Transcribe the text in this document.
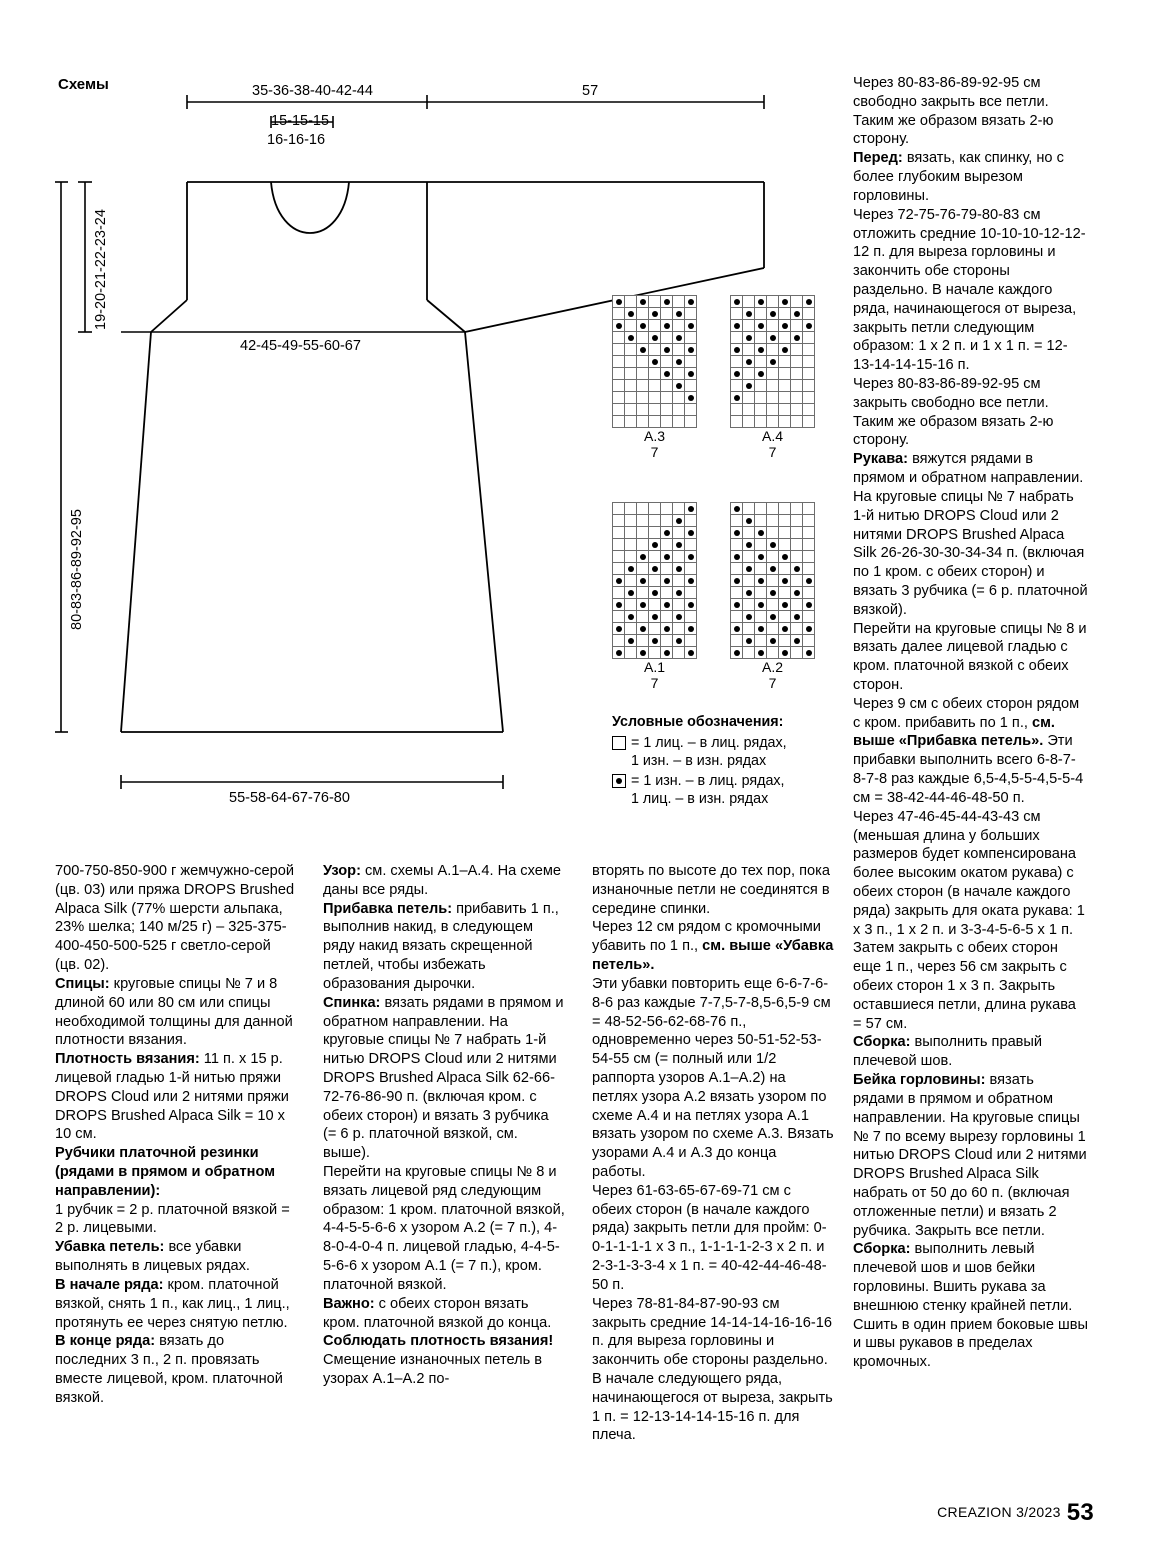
Схемы	35-36-38-40-42-44	57
15-15-15
16-16-16
19-20-21-22-23-24
80-83-86-89-92-95
42-45-49-55-60-67
55-58-64-67-76-80

A.3
7

A.4
7

A.1
7

A.2
7
Условные обозначения:
= 1 лиц. – в лиц. рядах,
1 изн. – в изн. рядах
= 1 изн. – в лиц. рядах,
1 лиц. – в изн. рядах

Через 80-83-86-89-92-95 см свободно закрыть все петли. Таким же образом вязать 2-ю сторону.

Перед: вязать, как спинку, но с более глубоким вырезом горловины.

Через 72-75-76-79-80-83 см отложить средние 10-10-10-12-12-12 п. для выреза горловины и закончить обе стороны раздельно. В начале каждого ряда, начинающегося от выреза, закрыть петли следующим образом: 1 х 2 п. и 1 х 1 п. = 12-13-14-14-15-16 п.

Через 80-83-86-89-92-95 см закрыть свободно все петли. Таким же образом вязать 2-ю сторону.

Рукава: вяжутся рядами в прямом и обратном направлении.

На круговые спицы № 7 набрать 1-й нитью DROPS Cloud или 2 нитями DROPS Brushed Alpaca Silk 26-26-30-30-34-34 п. (включая по 1 кром. с обеих сторон) и вязать 3 рубчика (= 6 р. платочной вязкой).

Перейти на круговые спицы № 8 и вязать далее лицевой гладью с кром. платочной вязкой с обеих сторон.

Через 9 см с обеих сторон рядом с кром. прибавить по 1 п., см. выше «Прибавка петель». Эти прибавки выполнить всего 6-8-7-8-7-8 раз каждые 6,5-4,5-5-4,5-5-4 см = 38-42-44-46-48-50 п.

Через 47-46-45-44-43-43 см (меньшая длина у больших размеров будет компенсирована более высоким окатом рукава) с обеих сторон (в начале каждого ряда) закрыть для оката рукава: 1 х 3 п., 1 х 2 п. и 3-3-4-5-6-5 х 1 п. Затем закрыть с обеих сторон еще 1 п., через 56 см закрыть с обеих сторон 1 х 3 п. Закрыть оставшиеся петли, длина рукава = 57 см.

Сборка: выполнить правый плечевой шов.

Бейка горловины: вязать рядами в прямом и обратном направлении. На круговые спицы № 7 по всему вырезу горловины 1 нитью DROPS Cloud или 2 нитями DROPS Brushed Alpaca Silk набрать от 50 до 60 п. (включая отложенные петли) и вязать 2 рубчика. Закрыть все петли.

Сборка: выполнить левый плечевой шов и шов бейки горловины. Вшить рукава за внешнюю стенку крайней петли. Сшить в один прием боковые швы и швы рукавов в пределах кромочных.

700-750-850-900 г жемчужно-серой (цв. 03) или пряжа DROPS Brushed Alpaca Silk (77% шерсти альпака, 23% шелка; 140 м/25 г) – 325-375-400-450-500-525 г светло-серой (цв. 02).

Спицы: круговые спицы № 7 и 8 длиной 60 или 80 см или спицы необходимой толщины для данной плотности вязания.

Плотность вязания: 11 п. х 15 р. лицевой гладью 1-й нитью пряжи DROPS Cloud или 2 нитями пряжи DROPS Brushed Alpaca Silk = 10 х 10 см.

Рубчики платочной резинки (рядами в прямом и обратном направлении):

1 рубчик = 2 р. платочной вязкой = 2 р. лицевыми.

Убавка петель: все убавки выполнять в лицевых рядах.

В начале ряда: кром. платочной вязкой, снять 1 п., как лиц., 1 лиц., протянуть ее через снятую петлю.

В конце ряда: вязать до последних 3 п., 2 п. провязать вместе лицевой, кром. платочной вязкой.

Узор: см. схемы А.1–А.4. На схеме даны все ряды.

Прибавка петель: прибавить 1 п., выполнив накид, в следующем ряду накид вязать скрещенной петлей, чтобы избежать образования дырочки.

Спинка: вязать рядами в прямом и обратном направлении. На круговые спицы № 7 набрать 1-й нитью DROPS Cloud или 2 нитями DROPS Brushed Alpaca Silk 62-66-72-76-86-90 п. (включая кром. с обеих сторон) и вязать 3 рубчика (= 6 р. платочной вязкой, см. выше).

Перейти на круговые спицы № 8 и вязать лицевой ряд следующим образом: 1 кром. платочной вязкой, 4-4-5-5-6-6 х узором А.2 (= 7 п.), 4-8-0-4-0-4 п. лицевой гладью, 4-4-5-5-6-6 х узором А.1 (= 7 п.), кром. платочной вязкой.

Важно: с обеих сторон вязать кром. платочной вязкой до конца.

Соблюдать плотность вязания!

Смещение изнаночных петель в узорах А.1–А.2 по-

вторять по высоте до тех пор, пока изнаночные петли не соединятся в середине спинки.

Через 12 см рядом с кромочными убавить по 1 п., см. выше «Убавка петель».

Эти убавки повторить еще 6-6-7-6-8-6 раз каждые 7-7,5-7-8,5-6,5-9 см = 48-52-56-62-68-76 п., одновременно через 50-51-52-53-54-55 см (= полный или 1/2 раппорта узоров А.1–А.2) на петлях узора А.2 вязать узором по схеме А.4 и на петлях узора А.1 вязать узором по схеме А.3. Вязать узорами А.4 и А.3 до конца работы.

Через 61-63-65-67-69-71 см с обеих сторон (в начале каждого ряда) закрыть петли для пройм: 0-0-1-1-1-1 х 3 п., 1-1-1-1-2-3 х 2 п. и 2-3-1-3-3-4 х 1 п. = 40-42-44-46-48-50 п.

Через 78-81-84-87-90-93 см закрыть средние 14-14-14-16-16-16 п. для выреза горловины и закончить обе стороны раздельно.

В начале следующего ряда, начинающегося от выреза, закрыть 1 п. = 12-13-14-14-15-16 п. для плеча.

CREAZION 3/2023 53
